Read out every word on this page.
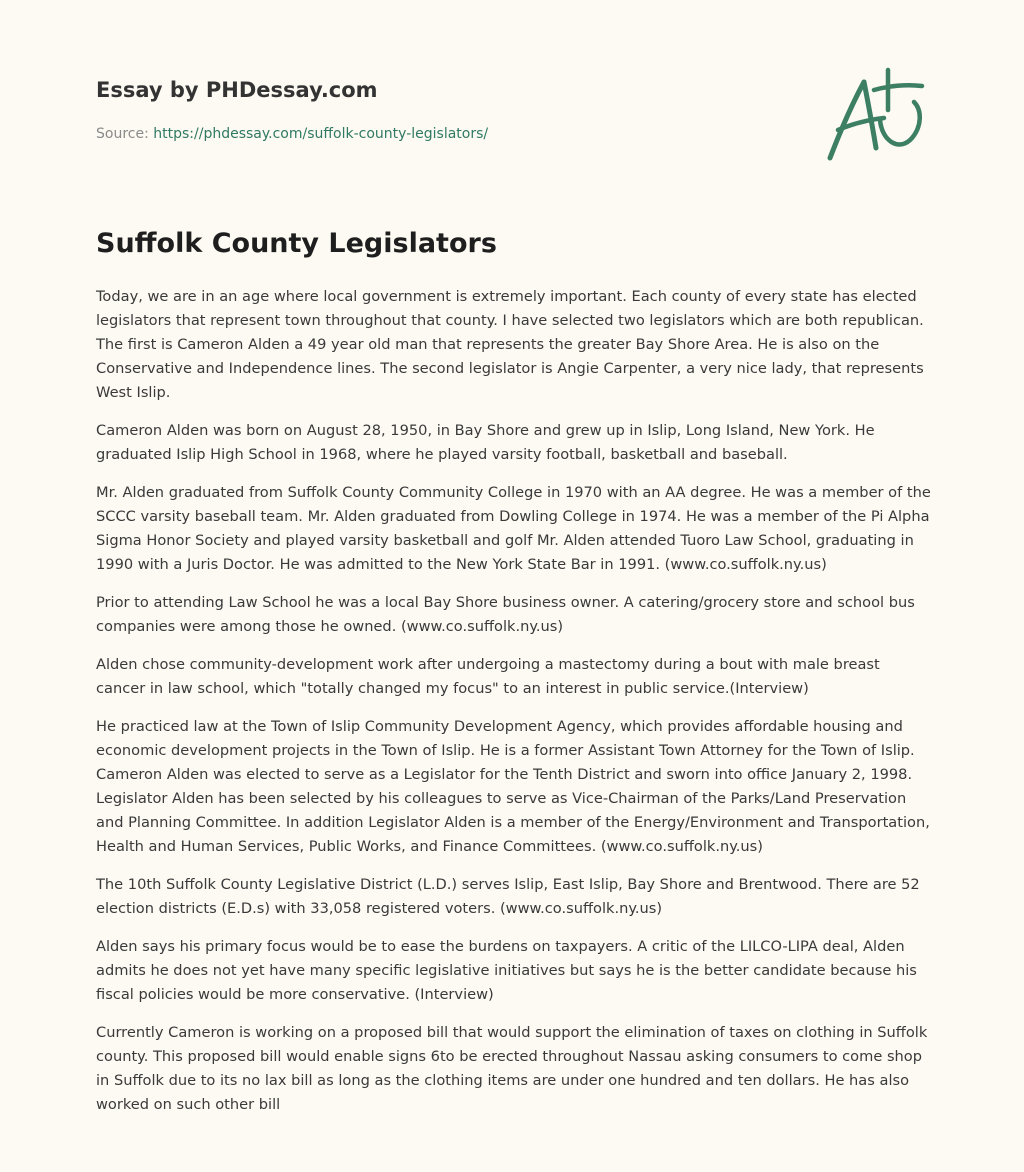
Essay by PHDessay.com
Source: https://phdessay.com/suffolk-county-legislators/
Suffolk County Legislators

Today, we are in an age where local government is extremely important. Each county of every state has elected legislators that represent town throughout that county. I have selected two legislators which are both republican. The first is Cameron Alden a 49 year old man that represents the greater Bay Shore Area. He is also on the Conservative and Independence lines. The second legislator is Angie Carpenter, a very nice lady, that represents West Islip.

Cameron Alden was born on August 28, 1950, in Bay Shore and grew up in Islip, Long Island, New York. He graduated Islip High School in 1968, where he played varsity football, basketball and baseball.

Mr. Alden graduated from Suffolk County Community College in 1970 with an AA degree. He was a member of the SCCC varsity baseball team. Mr. Alden graduated from Dowling College in 1974. He was a member of the Pi Alpha Sigma Honor Society and played varsity basketball and golf Mr. Alden attended Tuoro Law School, graduating in 1990 with a Juris Doctor. He was admitted to the New York State Bar in 1991. (www.co.suffolk.ny.us)

Prior to attending Law School he was a local Bay Shore business owner. A catering/grocery store and school bus companies were among those he owned. (www.co.suffolk.ny.us)

Alden chose community-development work after undergoing a mastectomy during a bout with male breast cancer in law school, which "totally changed my focus" to an interest in public service.(Interview)

He practiced law at the Town of Islip Community Development Agency, which provides affordable housing and economic development projects in the Town of Islip. He is a former Assistant Town Attorney for the Town of Islip. Cameron Alden was elected to serve as a Legislator for the Tenth District and sworn into office January 2, 1998. Legislator Alden has been selected by his colleagues to serve as Vice-Chairman of the Parks/Land Preservation and Planning Committee. In addition Legislator Alden is a member of the Energy/Environment and Transportation, Health and Human Services, Public Works, and Finance Committees. (www.co.suffolk.ny.us)

The 10th Suffolk County Legislative District (L.D.) serves Islip, East Islip, Bay Shore and Brentwood. There are 52 election districts (E.D.s) with 33,058 registered voters. (www.co.suffolk.ny.us)

Alden says his primary focus would be to ease the burdens on taxpayers. A critic of the LILCO-LIPA deal, Alden admits he does not yet have many specific legislative initiatives but says he is the better candidate because his fiscal policies would be more conservative. (Interview)

Currently Cameron is working on a proposed bill that would support the elimination of taxes on clothing in Suffolk county. This proposed bill would enable signs 6to be erected throughout Nassau asking consumers to come shop in Suffolk due to its no lax bill as long as the clothing items are under one hundred and ten dollars. He has also worked on such other bill
